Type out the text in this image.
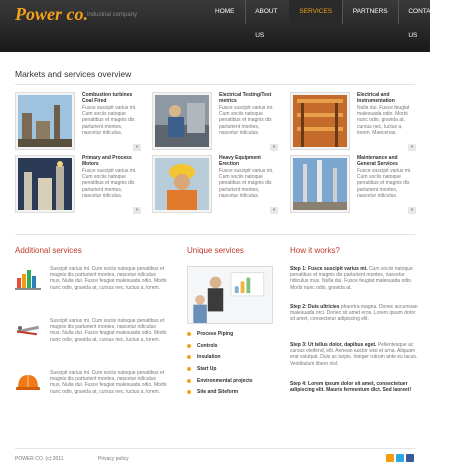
Power co. industrial company	HOME	ABOUT US
SERVICES	PARTNERS	CONTACT US
Markets and services overview
Combustion turbines Coal Fired
Fusce suscipit varius mi. Cum sociis natoque penatibus et magnis dis parturient montes, nascetur ridiculus.
»
Electrical Testing/Test metrics
Fusce suscipit varius mi. Cum sociis natoque penatibus et magnis dis parturient montes, nascetur ridiculus.
»
Electrical and Instrumentation
Nulla dui. Fusce feugiat malesuada odio. Morbi nunc odio, gravida at, cursus nec, luctus a, lorem. Maecenas.
»
Primary and Process Motors
Fusce suscipit varius mi. Cum sociis natoque penatibus et magnis dis parturient montes, nascetur ridiculus.
»
Heavy Equipment Erection
Fusce suscipit varius mi. Cum sociis natoque penatibus et magnis dis parturient montes, nascetur ridiculus.
»
Maintenance and Generat Services
Fusce suscipit varius mi. Cum sociis natoque penatibus et magnis dis parturient montes, nascetur ridiculus.
»
Additional services
Suscipit varius mi. Cum sociis natoque penatibus et magnis dis parturient montes, nascetur ridiculus mus. Nulla dui. Fusce feugiat malesuada odio. Morbi nunc odio, gravida at, cursus nec, luctus a, lorem.
Suscipit varius mi. Cum sociis natoque penatibus et magnis dis parturient montes, nascetur ridiculus mus. Nulla dui. Fusce feugiat malesuada odio. Morbi nunc odio, gravida at, cursus nec, luctus a, lorem.
Suscipit varius mi. Cum sociis natoque penatibus et magnis dis parturient montes, nascetur ridiculus mus. Nulla dui. Fusce feugiat malesuada odio. Morbi nunc odio, gravida at, cursus nec, luctus a, lorem.
Unique services
Process Piping
Controls
Insulation
Start Up
Environmental projects
Site and Siteform
How it works?
Step 1: Fusce suscipit varius mi. Cum sociis natoque penatibus et magnis dis parturient montes, nascetur ridiculus mus. Nulla dui. Fusce feugiat malesuada odio. Morbi nunc odio, gravida at.
Step 2: Duis ultricies pharetra magna. Donec accumsan malesuada orci. Donec sit amet eros. Lorem ipsum dolor sit amet, consectetur adipiscing elit.
Step 3: Ut tellus dolor, dapibus eget. Pellentesque ac cursus eleifend, elit. Aenean auctor wisi et urna. Aliquam erat volutpat. Duis ac turpis. Integer rutrum ante eu lacus. Vestibulum libero nisl.
Step 4: Lorem ipsum dolor sit amet, consectetuer adipiscing elit. Mauris fermentum dict. Sed laoreet!
POWER CO. (c) 2011	Privacy policy
